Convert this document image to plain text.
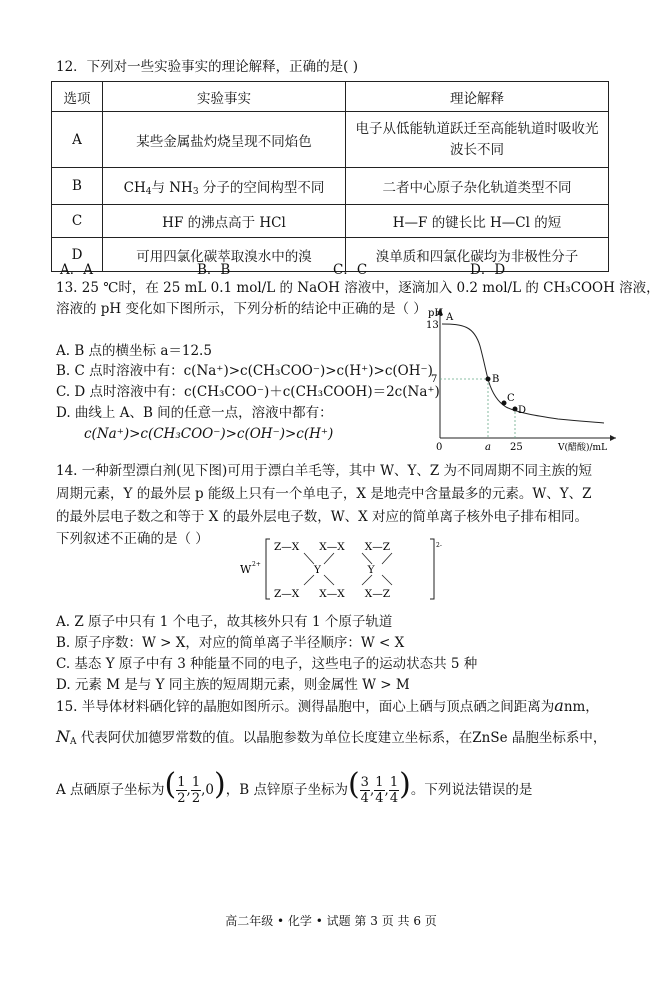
12．下列对一些实验事实的理论解释，正确的是( )
选项	实验事实	理论解释
A	某些金属盐灼烧呈现不同焰色	电子从低能轨道跃迁至高能轨道时吸收光
波长不同

B	$CH_4$与 $NH_3$ 分子的空间构型不同	二者中心原子杂化轨道类型不同
C	HF 的沸点高于 HCl	H—F 的键长比 H—Cl 的短
D	可用四氯化碳萃取溴水中的溴	溴单质和四氯化碳均为非极性分子
A．A	B．B	C．C	D．D
13. 25 ℃时，在 25 mL 0.1 mol/L 的 NaOH 溶液中，逐滴加入 0.2 mol/L 的 CH₃COOH 溶液，
溶液的 pH 变化如下图所示，下列分析的结论中正确的是（ ）
A. B 点的横坐标 a＝12.5
B. C 点时溶液中有：c(Na⁺)>c(CH₃COO⁻)>c(H⁺)>c(OH⁻)
C. D 点时溶液中有：c(CH₃COO⁻)＋c(CH₃COOH)＝2c(Na⁺)
D. 曲线上 A、B 间的任意一点，溶液中都有：
c(Na⁺)>c(CH₃COO⁻)>c(OH⁻)>c(H⁺)
pH
13
A
7	B
C
D
0	a 25	V(醋酸)/mL
14. 一种新型漂白剂(见下图)可用于漂白羊毛等，其中 W、Y、Z 为不同周期不同主族的短
周期元素，Y 的最外层 p 能级上只有一个单电子，X 是地壳中含量最多的元素。W、Y、Z
的最外层电子数之和等于 X 的最外层电子数，W、X 对应的简单离子核外电子排布相同。
下列叙述不正确的是（ ）
W 2+
2-
Z—X      X—X      X—Z
Y              Y
Z—X      X—X      X—Z
A. Z 原子中只有 1 个电子，故其核外只有 1 个原子轨道
B. 原子序数：W > X，对应的简单离子半径顺序：W < X
C. 基态 Y 原子中有 3 种能量不同的电子，这些电子的运动状态共 5 种
D. 元素 M 是与 Y 同主族的短周期元素，则金属性 W > M
15. 半导体材料硒化锌的晶胞如图所示。测得晶胞中，面心上硒与顶点硒之间距离为anm，
$N_A$ 代表阿伏加德罗常数的值。以晶胞参数为单位长度建立坐标系，在ZnSe 晶胞坐标系中，
A 点硒原子坐标为( $\frac{1}{2}$ , $\frac{1}{2} ,0$)，B 点锌原子坐标为( $\frac{3}{4}$ , $\frac{1}{4}$ , $\frac{1}{4}$ )。下列说法错误的是
高二年级 • 化学 • 试题 第 3 页 共 6 页
